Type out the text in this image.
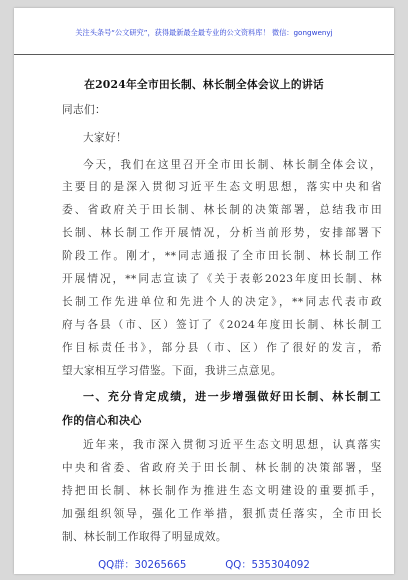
关注头条号“公文研究”，获得最新最全最专业的公文资料库！ 微信：gongwenyj
在2024年全市田长制、林长制全体会议上的讲话
同志们：
大家好！
今天，我们在这里召开全市田长制、林长制全体会议，
主要目的是深入贯彻习近平生态文明思想，落实中央和省
委、省政府关于田长制、林长制的决策部署，总结我市田
长制、林长制工作开展情况，分析当前形势，安排部署下
阶段工作。刚才，**同志通报了全市田长制、林长制工作
开展情况，**同志宣读了《关于表彰2023年度田长制、林
长制工作先进单位和先进个人的决定》，**同志代表市政
府与各县（市、区）签订了《2024年度田长制、林长制工
作目标责任书》，部分县（市、区）作了很好的发言，希
望大家相互学习借鉴。下面，我讲三点意见。
一、充分肯定成绩，进一步增强做好田长制、林长制工
作的信心和决心
近年来，我市深入贯彻习近平生态文明思想，认真落实
中央和省委、省政府关于田长制、林长制的决策部署，坚
持把田长制、林长制作为推进生态文明建设的重要抓手，
加强组织领导，强化工作举措，狠抓责任落实，全市田长
制、林长制工作取得了明显成效。
QQ群：30265665	QQ：535304092
